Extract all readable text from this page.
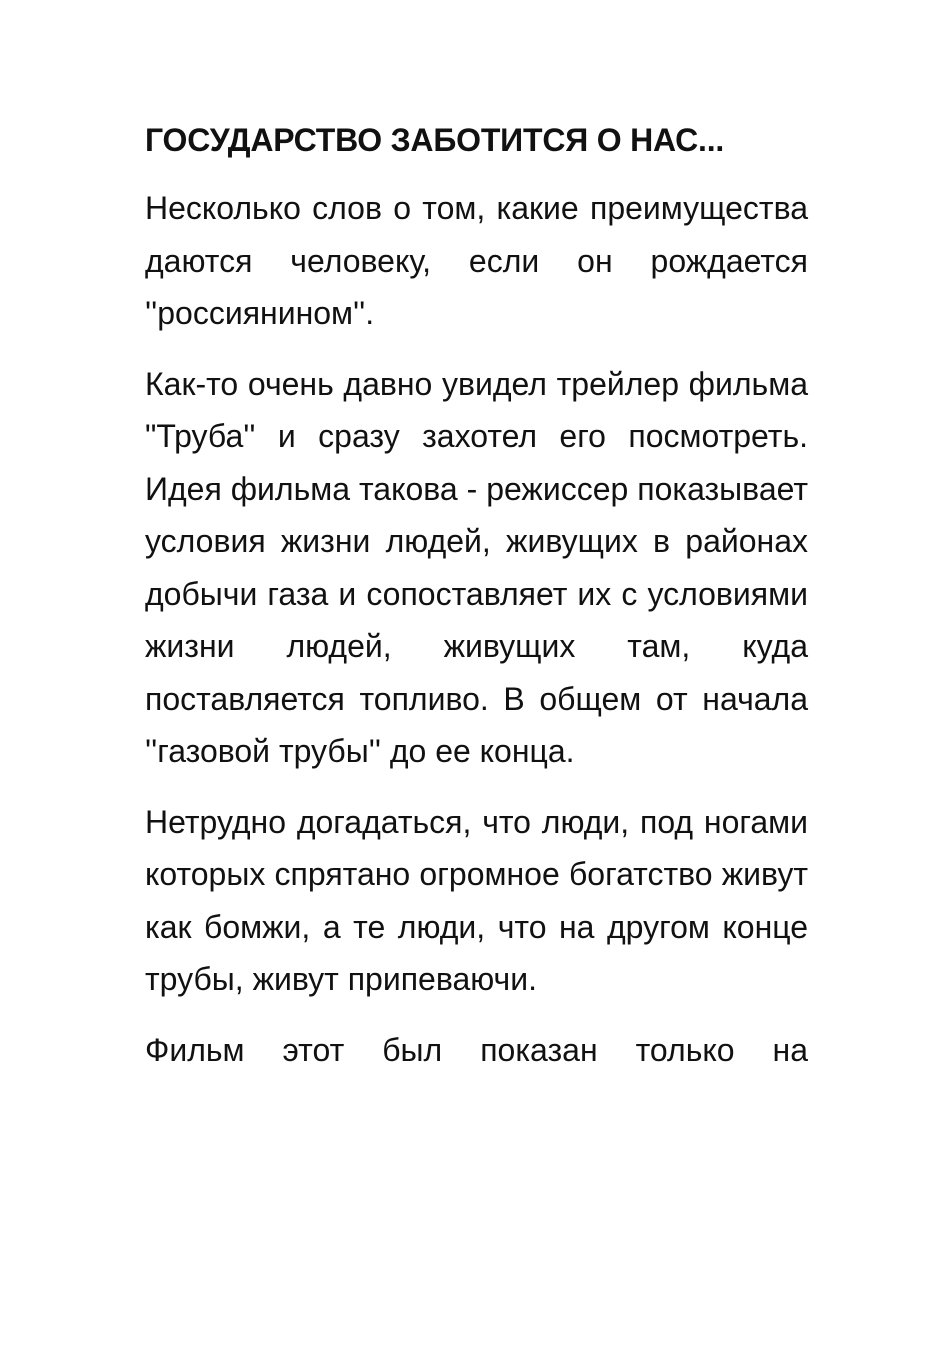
ГОСУДАРСТВО ЗАБОТИТСЯ О НАС...

Несколько слов о том, какие преимущества даются человеку, если он рождается ''россиянином''.

Как-то очень давно увидел трейлер фильма "Труба'' и сразу захотел его посмотреть. Идея фильма такова - режиссер показывает условия жизни людей, живущих в районах добычи газа и сопоставляет их с условиями жизни людей, живущих там, куда поставляется топливо. В общем от начала ''газовой трубы'' до ее конца.

Нетрудно догадаться, что люди, под ногами которых спрятано огромное богатство живут как бомжи, а те люди, что на другом конце трубы, живут припеваючи.

Фильм этот был показан только на
